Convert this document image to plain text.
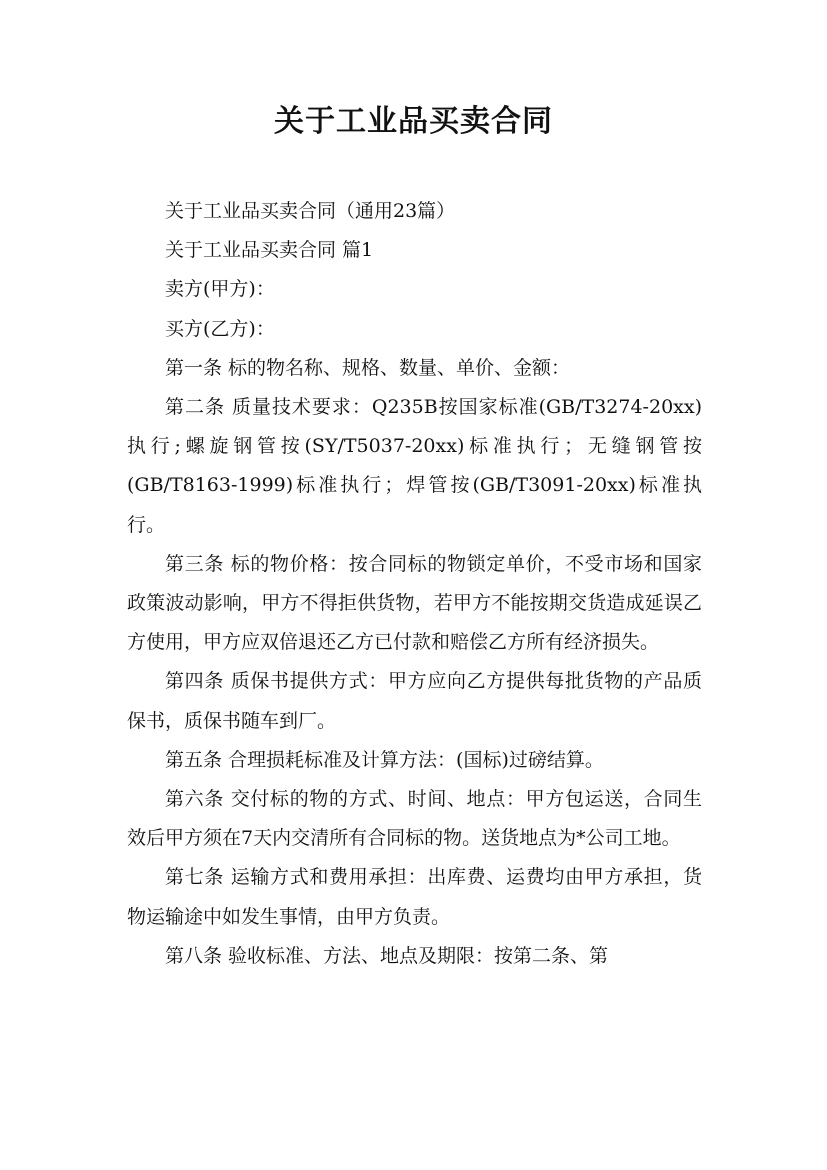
关于工业品买卖合同

关于工业品买卖合同（通用23篇）

关于工业品买卖合同 篇1

卖方(甲方)：

买方(乙方)：

第一条 标的物名称、规格、数量、单价、金额：

第二条 质量技术要求：Q235B按国家标准(GB/T3274-20xx)执行;螺旋钢管按(SY/T5037-20xx)标准执行；无缝钢管按(GB/T8163-1999)标准执行；焊管按(GB/T3091-20xx)标准执行。

第三条 标的物价格：按合同标的物锁定单价，不受市场和国家政策波动影响，甲方不得拒供货物，若甲方不能按期交货造成延误乙方使用，甲方应双倍退还乙方已付款和赔偿乙方所有经济损失。

第四条 质保书提供方式：甲方应向乙方提供每批货物的产品质保书，质保书随车到厂。

第五条 合理损耗标准及计算方法：(国标)过磅结算。

第六条 交付标的物的方式、时间、地点：甲方包运送，合同生效后甲方须在7天内交清所有合同标的物。送货地点为*公司工地。

第七条 运输方式和费用承担：出库费、运费均由甲方承担，货物运输途中如发生事情，由甲方负责。

第八条 验收标准、方法、地点及期限：按第二条、第
